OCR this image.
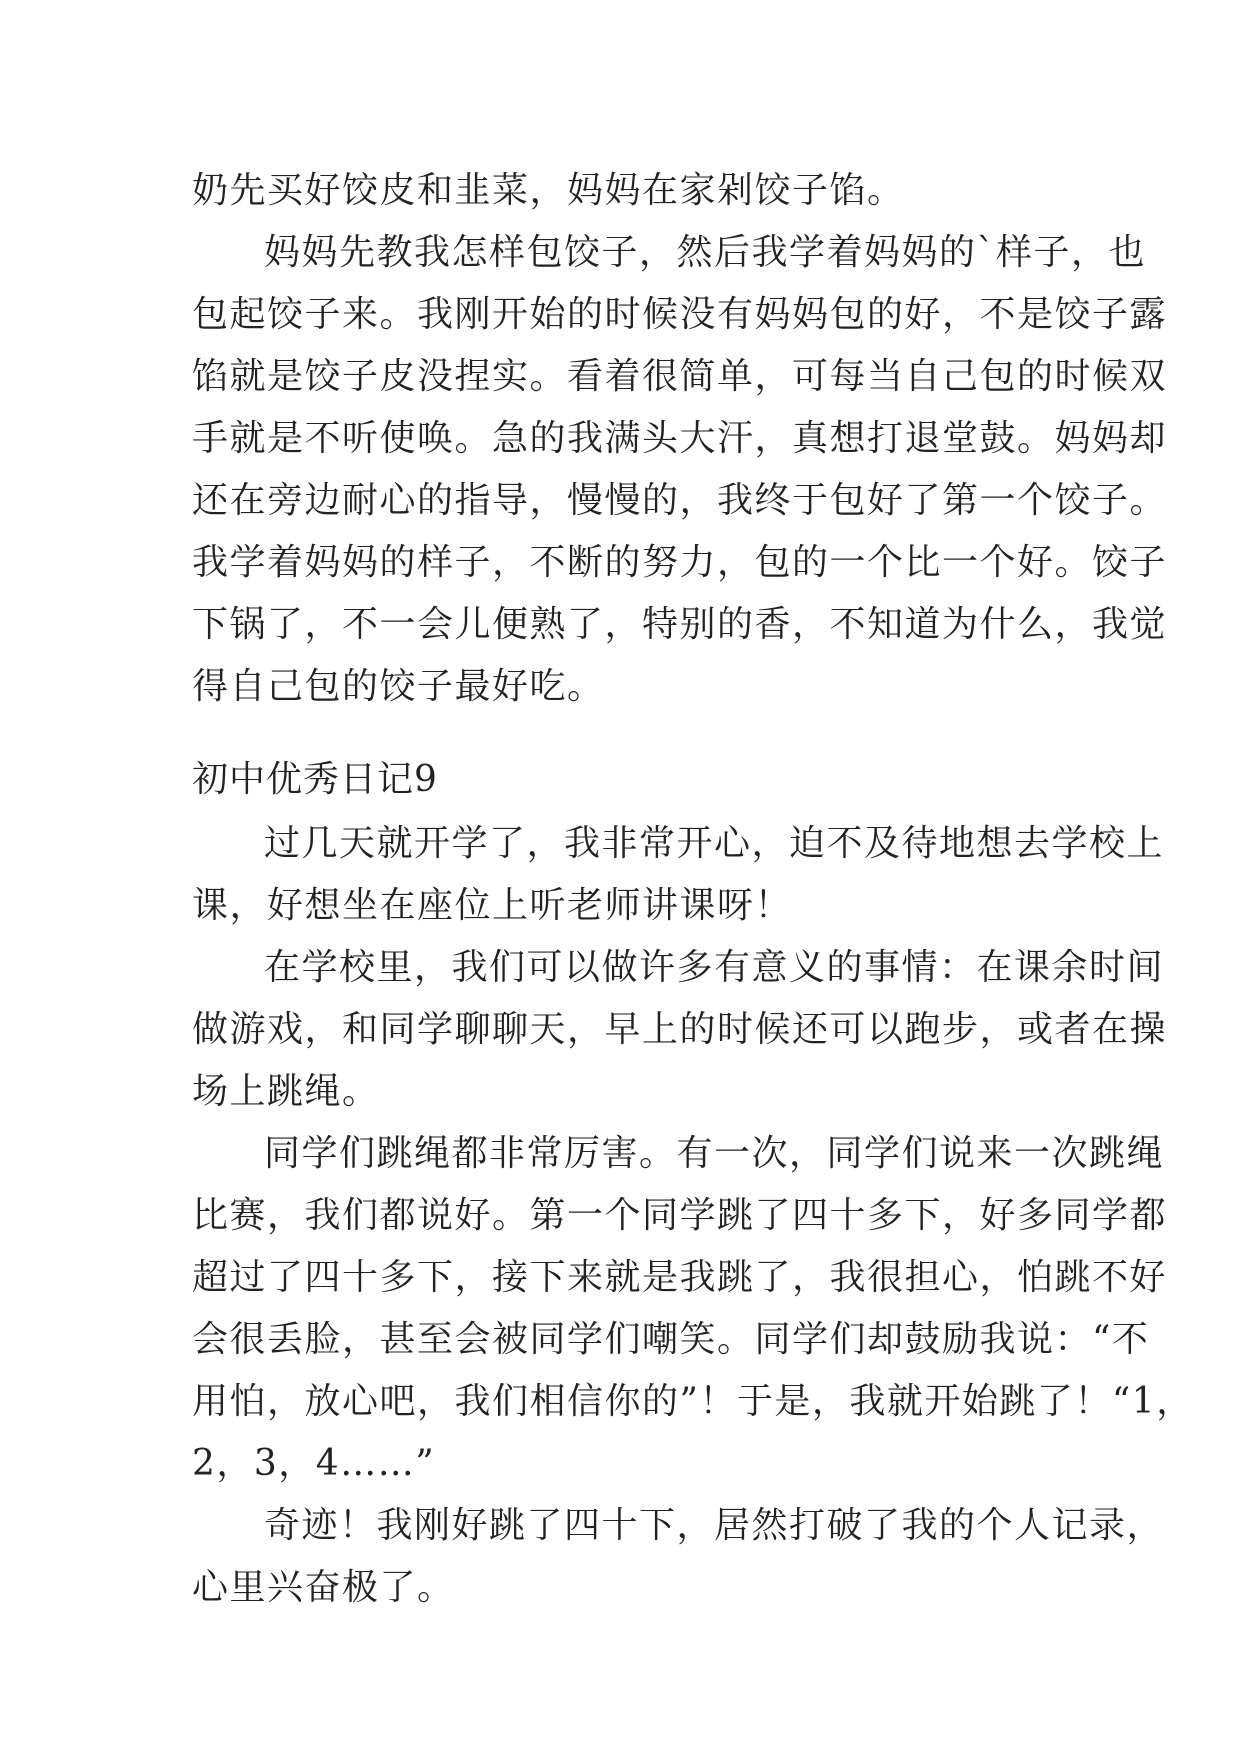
奶先买好饺皮和韭菜，妈妈在家剁饺子馅。
妈妈先教我怎样包饺子，然后我学着妈妈的`样子，也
包起饺子来。我刚开始的时候没有妈妈包的好，不是饺子露
馅就是饺子皮没捏实。看着很简单，可每当自己包的时候双
手就是不听使唤。急的我满头大汗，真想打退堂鼓。妈妈却
还在旁边耐心的指导，慢慢的，我终于包好了第一个饺子。
我学着妈妈的样子，不断的努力，包的一个比一个好。饺子
下锅了，不一会儿便熟了，特别的香，不知道为什么，我觉
得自己包的饺子最好吃。
初中优秀日记9
过几天就开学了，我非常开心，迫不及待地想去学校上
课，好想坐在座位上听老师讲课呀！
在学校里，我们可以做许多有意义的事情：在课余时间
做游戏，和同学聊聊天，早上的时候还可以跑步，或者在操
场上跳绳。
同学们跳绳都非常厉害。有一次，同学们说来一次跳绳
比赛，我们都说好。第一个同学跳了四十多下，好多同学都
超过了四十多下，接下来就是我跳了，我很担心，怕跳不好
会很丢脸，甚至会被同学们嘲笑。同学们却鼓励我说：“不
用怕，放心吧，我们相信你的”！于是，我就开始跳了！“1，
2，3，4……”
奇迹！我刚好跳了四十下，居然打破了我的个人记录，
心里兴奋极了。
